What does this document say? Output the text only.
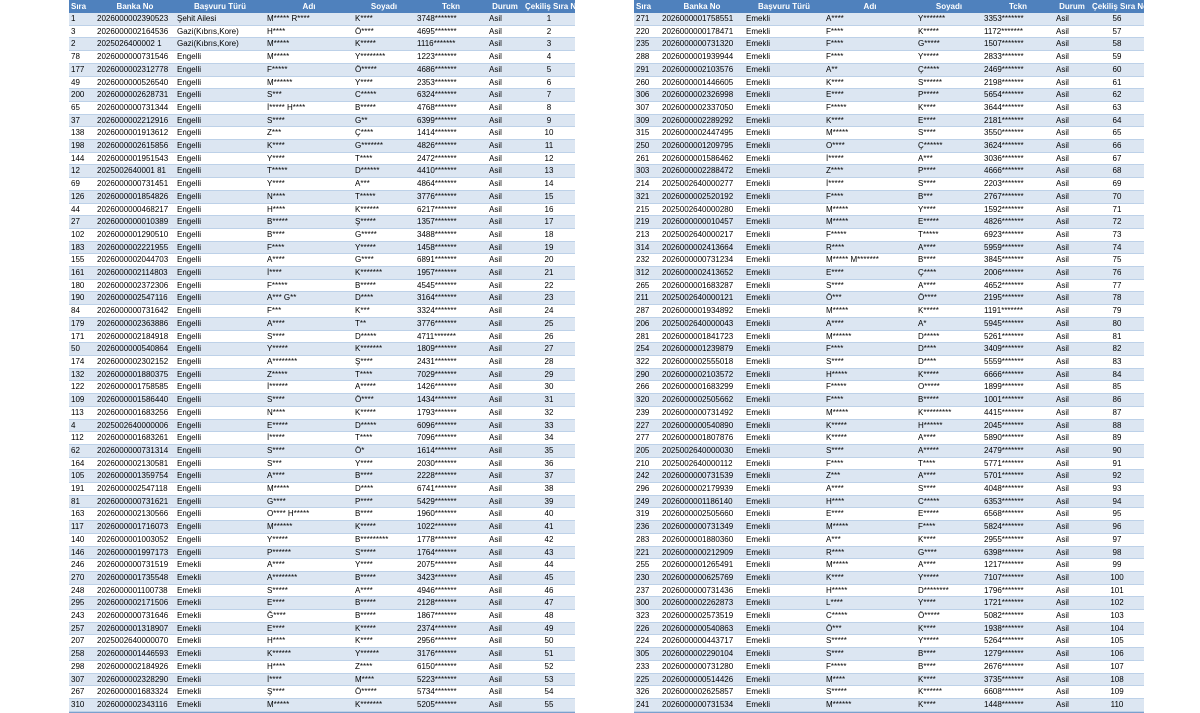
Sıra	Banka No	Başvuru Türü	Adı	Soyadı	Tckn	Durum	Çekiliş Sıra No
1	2026000002390523	Şehit Ailesi	M***** R****	K****	3748*******	Asil	1
3	2026000002164536	Gazi(Kıbrıs,Kore)	H****	Ö****	4695*******	Asil	2
2	2025026400002 1	Gazi(Kıbrıs,Kore)	M*****	K*****	1116*******	Asil	3
78	2026000000731546	Engelli	M*****	Y********	1223*******	Asil	4
177	2026000002312778	Engelli	F*****	Ö*****	4686*******	Asil	5
49	2026000000526540	Engelli	M******	Y****	2353*******	Asil	6
200	2026000002628731	Engelli	S***	C*****	6324*******	Asil	7
65	2026000000731344	Engelli	İ***** H****	B*****	4768*******	Asil	8
37	2026000002212916	Engelli	S****	G**	6399*******	Asil	9
138	2026000001913612	Engelli	Z***	Ç****	1414*******	Asil	10
198	2026000002615856	Engelli	K****	G*******	4826*******	Asil	11
144	2026000001951543	Engelli	Y****	T****	2472*******	Asil	12
12	2025002640001 81	Engelli	T*****	D******	4410*******	Asil	13
69	2026000000731451	Engelli	Y****	A***	4864*******	Asil	14
126	2026000001854826	Engelli	N****	T*****	3776*******	Asil	15
44	2026000000468217	Engelli	H****	K******	6217*******	Asil	16
27	2026000000010389	Engelli	B*****	Ş*****	1357*******	Asil	17
102	2026000001290510	Engelli	B****	G*****	3488*******	Asil	18
183	2026000002221955	Engelli	F****	Y*****	1458*******	Asil	19
155	2026000002044703	Engelli	A****	G****	6891*******	Asil	20
161	2026000002114803	Engelli	İ****	K*******	1957*******	Asil	21
180	2026000002372306	Engelli	F*****	B*****	4545*******	Asil	22
190	2026000002547116	Engelli	A*** G**	D****	3164*******	Asil	23
84	2026000000731642	Engelli	F***	K***	3324*******	Asil	24
179	2026000002363886	Engelli	A****	T**	3776*******	Asil	25
171	2026000002184918	Engelli	S****	D*****	4711*******	Asil	26
50	2026000000540864	Engelli	Y*****	K*******	1809*******	Asil	27
174	2026000002302152	Engelli	A********	Ş****	2431*******	Asil	28
132	2026000001880375	Engelli	Z*****	T****	7029*******	Asil	29
122	2026000001758585	Engelli	İ******	A*****	1426*******	Asil	30
109	2026000001586440	Engelli	S****	Ö****	1434*******	Asil	31
113	2026000001683256	Engelli	N****	K*****	1793*******	Asil	32
4	2025002640000006	Engelli	E*****	D*****	6096*******	Asil	33
112	2026000001683261	Engelli	İ*****	T****	7096*******	Asil	34
62	2026000000731314	Engelli	S****	Ö*	1614*******	Asil	35
164	2026000002130581	Engelli	S***	Y****	2030*******	Asil	36
105	2026000001359754	Engelli	A****	B****	2228*******	Asil	37
191	2026000002547118	Engelli	M*****	D****	6741*******	Asil	38
81	2026000000731621	Engelli	G****	P****	5429*******	Asil	39
163	2026000002130566	Engelli	O**** H*****	B****	1960*******	Asil	40
117	2026000001716073	Engelli	M******	K*****	1022*******	Asil	41
140	2026000001003052	Engelli	Y*****	B*********	1778*******	Asil	42
146	2026000001997173	Engelli	P******	S*****	1764*******	Asil	43
246	2026000000731519	Emekli	A****	Y****	2075*******	Asil	44
270	2026000001735548	Emekli	A********	B*****	3423*******	Asil	45
248	2026000001100738	Emekli	S*****	A****	4946*******	Asil	46
295	2026000002171506	Emekli	E****	B*****	2128*******	Asil	47
243	2026000000731646	Emekli	Ğ****	B*****	1867*******	Asil	48
257	2026000001318907	Emekli	E****	K*****	2374*******	Asil	49
207	2025002640000070	Emekli	H****	K****	2956*******	Asil	50
258	2026000001446593	Emekli	K******	Y******	3176*******	Asil	51
298	2026000002184926	Emekli	H****	Z****	6150*******	Asil	52
307	2026000002328290	Emekli	İ****	M****	5223*******	Asil	53
267	2026000001683324	Emekli	Ş****	Ö*****	5734*******	Asil	54
310	2026000002343116	Emekli	M*****	K*******	5205*******	Asil	55
Sıra	Banka No	Başvuru Türü	Adı	Soyadı	Tckn	Durum	Çekiliş Sıra No
271	2026000001758551	Emekli	A****	Y*******	3353*******	Asil	56
220	2026000000178471	Emekli	F****	K*****	1172*******	Asil	57
235	2026000000731320	Emekli	F****	G*****	1507*******	Asil	58
288	2026000001939944	Emekli	F****	Y*****	2833*******	Asil	59
291	2026000002103576	Emekli	A**	Ç*****	2469*******	Asil	60
260	2026000001446605	Emekli	K****	S******	2198*******	Asil	61
306	2026000002326998	Emekli	E****	P*****	5654*******	Asil	62
307	2026000002337050	Emekli	F*****	K****	3644*******	Asil	63
309	2026000002289292	Emekli	K****	E****	2181*******	Asil	64
315	2026000002447495	Emekli	M*****	S****	3550*******	Asil	65
250	2026000001209795	Emekli	O****	Ç******	3624*******	Asil	66
261	2026000001586462	Emekli	İ*****	A***	3036*******	Asil	67
303	2026000002288472	Emekli	Z****	P****	4666*******	Asil	68
214	2025002640000277	Emekli	İ*****	S****	2203*******	Asil	69
321	2026000002520192	Emekli	F****	B***	2767*******	Asil	70
215	2025002640000280	Emekli	M*****	Y****	1592*******	Asil	71
219	2026000000010457	Emekli	M*****	E*****	4826*******	Asil	72
213	2025002640000217	Emekli	F*****	T*****	6923*******	Asil	73
314	2026000002413664	Emekli	R****	A****	5959*******	Asil	74
232	2026000000731234	Emekli	M***** M*******	B****	3845*******	Asil	75
312	2026000002413652	Emekli	E****	Ç****	2006*******	Asil	76
265	2026000001683287	Emekli	S****	A****	4652*******	Asil	77
211	2025002640000121	Emekli	Ö***	Ö****	2195*******	Asil	78
287	2026000001934892	Emekli	M*****	K*****	1191*******	Asil	79
206	2025002640000043	Emekli	A****	A*	5945*******	Asil	80
281	2026000001841723	Emekli	M******	D*****	5261*******	Asil	81
254	2026000001239879	Emekli	F****	D****	3409*******	Asil	82
322	2026000002555018	Emekli	S****	D****	5559*******	Asil	83
290	2026000002103572	Emekli	H*****	K*****	6666*******	Asil	84
266	2026000001683299	Emekli	F*****	O*****	1899*******	Asil	85
320	2026000002505662	Emekli	F****	B*****	1001*******	Asil	86
239	2026000000731492	Emekli	M*****	K*********	4415*******	Asil	87
227	2026000000540890	Emekli	K*****	H******	2045*******	Asil	88
277	2026000001807876	Emekli	K*****	A****	5890*******	Asil	89
205	2025002640000030	Emekli	S****	A*****	2479*******	Asil	90
210	2025002640000112	Emekli	F****	T****	5771*******	Asil	91
242	2026000000731539	Emekli	Z***	A****	5701*******	Asil	92
296	2026000002179939	Emekli	A****	S****	4048*******	Asil	93
249	2026000001186140	Emekli	H****	C*****	6353*******	Asil	94
319	2026000002505660	Emekli	E****	E*****	6568*******	Asil	95
236	2026000000731349	Emekli	M*****	F****	5824*******	Asil	96
283	2026000001880360	Emekli	A***	K****	2955*******	Asil	97
221	2026000000212909	Emekli	R****	G****	6398*******	Asil	98
255	2026000001265491	Emekli	M*****	A****	1217*******	Asil	99
230	2026000000625769	Emekli	K****	Y*****	7107*******	Asil	100
237	2026000000731436	Emekli	H*****	D********	1796*******	Asil	101
300	2026000002262873	Emekli	L****	Y****	1721*******	Asil	102
323	2026000002573519	Emekli	C*****	Ö*****	5082*******	Asil	103
226	2026000000540863	Emekli	Ö***	K****	1938*******	Asil	104
224	2026000000443717	Emekli	S*****	Y*****	5264*******	Asil	105
305	2026000002290104	Emekli	S****	B****	1279*******	Asil	106
233	2026000000731280	Emekli	F*****	B****	2676*******	Asil	107
225	2026000000514426	Emekli	M****	K****	3735*******	Asil	108
326	2026000002625857	Emekli	S*****	K******	6608*******	Asil	109
241	2026000000731534	Emekli	M******	K****	1448*******	Asil	110
